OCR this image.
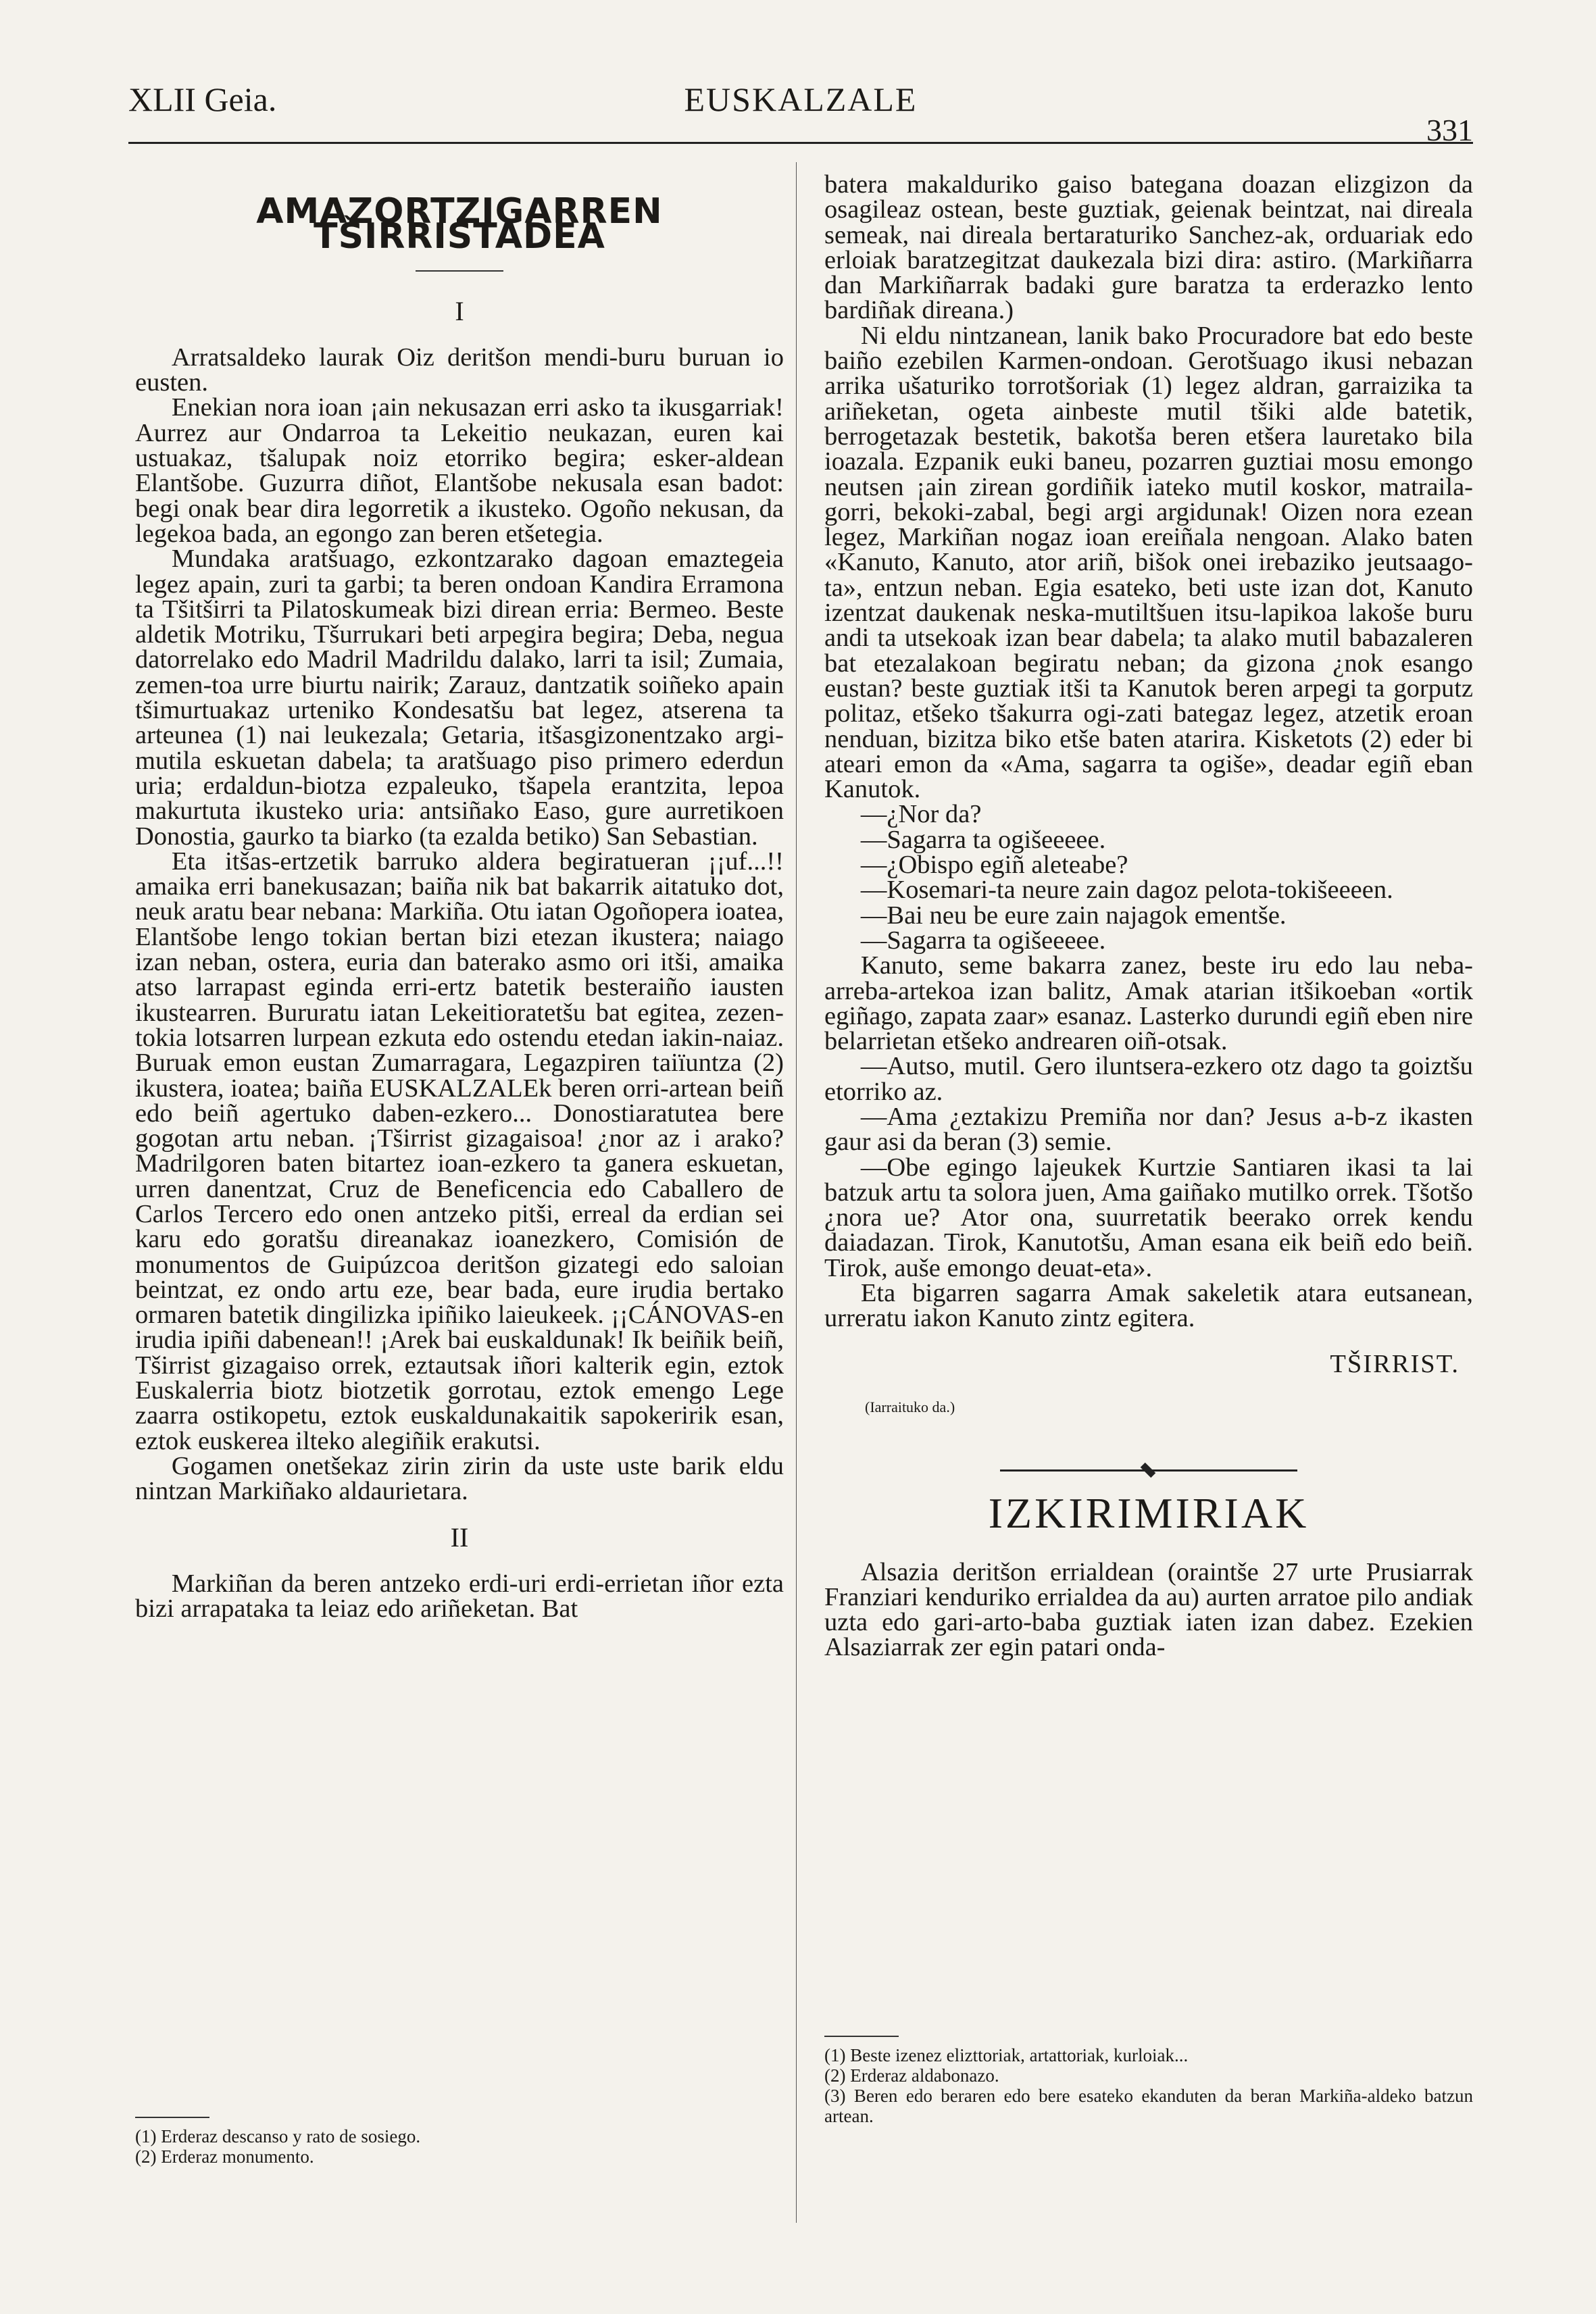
XLII Geia.	EUSKALZALE
331
AMAZORTZIGARREN TŠIRRISTADEA
I

Arratsaldeko laurak Oiz deritšon mendi-buru buruan io eusten.

Enekian nora ioan ¡ain nekusazan erri asko ta ikusgarriak! Aurrez aur Ondarroa ta Lekeitio neukazan, euren kai ustuakaz, tšalupak noiz etorriko begira; esker-aldean Elantšobe. Guzurra diñot, Elantšobe nekusala esan badot: begi onak bear dira legorretik a ikusteko. Ogoño nekusan, da legekoa bada, an egongo zan beren etšetegia.

Mundaka aratšuago, ezkontzarako dagoan emaztegeia legez apain, zuri ta garbi; ta beren ondoan Kandira Erramona ta Tšitširri ta Pilatoskumeak bizi direan erria: Bermeo. Beste aldetik Motriku, Tšurrukari beti arpegira begira; Deba, negua datorrelako edo Madril Madrildu dalako, larri ta isil; Zumaia, zemen-toa urre biurtu nairik; Zarauz, dantzatik soiñeko apain tšimurtuakaz urteniko Kondesatšu bat legez, atserena ta arteunea (1) nai leukezala; Getaria, itšasgizonentzako argi-mutila eskuetan dabela; ta aratšuago piso primero ederdun uria; erdaldun-biotza ezpaleuko, tšapela erantzita, lepoa makurtuta ikusteko uria: antsiñako Easo, gure aurretikoen Donostia, gaurko ta biarko (ta ezalda betiko) San Sebastian.

Eta itšas-ertzetik barruko aldera begiratueran ¡¡uf...!! amaika erri banekusazan; baiña nik bat bakarrik aitatuko dot, neuk aratu bear nebana: Markiña. Otu iatan Ogoñopera ioatea, Elantšobe lengo tokian bertan bizi etezan ikustera; naiago izan neban, ostera, euria dan baterako asmo ori itši, amaika atso larrapast eginda erri-ertz batetik besteraiño iausten ikustearren. Bururatu iatan Lekeitioratetšu bat egitea, zezen-tokia lotsarren lurpean ezkuta edo ostendu etedan iakin-naiaz. Buruak emon eustan Zumarragara, Legazpiren taiïuntza (2) ikustera, ioatea; baiña EUSKALZALEk beren orri-artean beiñ edo beiñ agertuko daben-ezkero... Donostiaratutea bere gogotan artu neban. ¡Tširrist gizagaisoa! ¿nor az i arako? Madrilgoren baten bitartez ioan-ezkero ta ganera eskuetan, urren danentzat, Cruz de Beneficencia edo Caballero de Carlos Tercero edo onen antzeko pitši, erreal da erdian sei karu edo goratšu direanakaz ioanezkero, Comisión de monumentos de Guipúzcoa deritšon gizategi edo saloian beintzat, ez ondo artu eze, bear bada, eure irudia bertako ormaren batetik dingilizka ipiñiko laieukeek. ¡¡CÁNOVAS-en irudia ipiñi dabenean!! ¡Arek bai euskaldunak! Ik beiñik beiñ, Tširrist gizagaiso orrek, eztautsak iñori kalterik egin, eztok Euskalerria biotz biotzetik gorrotau, eztok emengo Lege zaarra ostikopetu, eztok euskaldunakaitik sapokeririk esan, eztok euskerea ilteko alegiñik erakutsi.

Gogamen onetšekaz zirin zirin da uste uste barik eldu nintzan Markiñako aldaurietara.

II

Markiñan da beren antzeko erdi-uri erdi-errietan iñor ezta bizi arrapataka ta leiaz edo ariñeketan. Bat

batera makalduriko gaiso bategana doazan elizgizon da osagileaz ostean, beste guztiak, geienak beintzat, nai direala semeak, nai direala bertaraturiko Sanchez-ak, orduariak edo erloiak baratzegitzat daukezala bizi dira: astiro. (Markiñarra dan Markiñarrak badaki gure baratza ta erderazko lento bardiñak direana.)

Ni eldu nintzanean, lanik bako Procuradore bat edo beste baiño ezebilen Karmen-ondoan. Gerotšuago ikusi nebazan arrika ušaturiko torrotšoriak (1) legez aldran, garraizika ta ariñeketan, ogeta ainbeste mutil tšiki alde batetik, berrogetazak bestetik, bakotša beren etšera lauretako bila ioazala. Ezpanik euki baneu, pozarren guztiai mosu emongo neutsen ¡ain zirean gordiñik iateko mutil koskor, matraila-gorri, bekoki-zabal, begi argi argidunak! Oizen nora ezean legez, Markiñan nogaz ioan ereiñala nengoan. Alako baten «Kanuto, Kanuto, ator ariñ, bišok onei irebaziko jeutsaago-ta», entzun neban. Egia esateko, beti uste izan dot, Kanuto izentzat daukenak neska-mutiltšuen itsu-lapikoa lakoše buru andi ta utsekoak izan bear dabela; ta alako mutil babazaleren bat etezalakoan begiratu neban; da gizona ¿nok esango eustan? beste guztiak itši ta Kanutok beren arpegi ta gorputz politaz, etšeko tšakurra ogi-zati bategaz legez, atzetik eroan nenduan, bizitza biko etše baten atarira. Kisketots (2) eder bi ateari emon da «Ama, sagarra ta ogiše», deadar egiñ eban Kanutok.

—¿Nor da?

—Sagarra ta ogišeeeee.

—¿Obispo egiñ aleteabe?

—Kosemari-ta neure zain dagoz pelota-tokišeeeen.

—Bai neu be eure zain najagok ementše.

—Sagarra ta ogišeeeee.

Kanuto, seme bakarra zanez, beste iru edo lau neba-arreba-artekoa izan balitz, Amak atarian itšikoeban «ortik egiñago, zapata zaar» esanaz. Lasterko durundi egiñ eben nire belarrietan etšeko andrearen oiñ-otsak.

—Autso, mutil. Gero iluntsera-ezkero otz dago ta goiztšu etorriko az.

—Ama ¿eztakizu Premiña nor dan? Jesus a-b-z ikasten gaur asi da beran (3) semie.

—Obe egingo lajeukek Kurtzie Santiaren ikasi ta lai batzuk artu ta solora juen, Ama gaiñako mutilko orrek. Tšotšo ¿nora ue? Ator ona, suurretatik beerako orrek kendu daiadazan. Tirok, Kanutotšu, Aman esana eik beiñ edo beiñ. Tirok, auše emongo deuat-eta».

Eta bigarren sagarra Amak sakeletik atara eutsanean, urreratu iakon Kanuto zintz egitera.

TŠIRRIST.
(Iarraituko da.)
IZKIRIMIRIAK

Alsazia deritšon errialdean (oraintše 27 urte Prusiarrak Franziari kenduriko errialdea da au) aurten arratoe pilo andiak uzta edo gari-arto-baba guztiak iaten izan dabez. Ezekien Alsaziarrak zer egin patari onda-

(1) Erderaz descanso y rato de sosiego.

(2) Erderaz monumento.

(1) Beste izenez elizttoriak, artattoriak, kurloiak...

(2) Erderaz aldabonazo.

(3) Beren edo beraren edo bere esateko ekanduten da beran Markiña-aldeko batzun artean.
